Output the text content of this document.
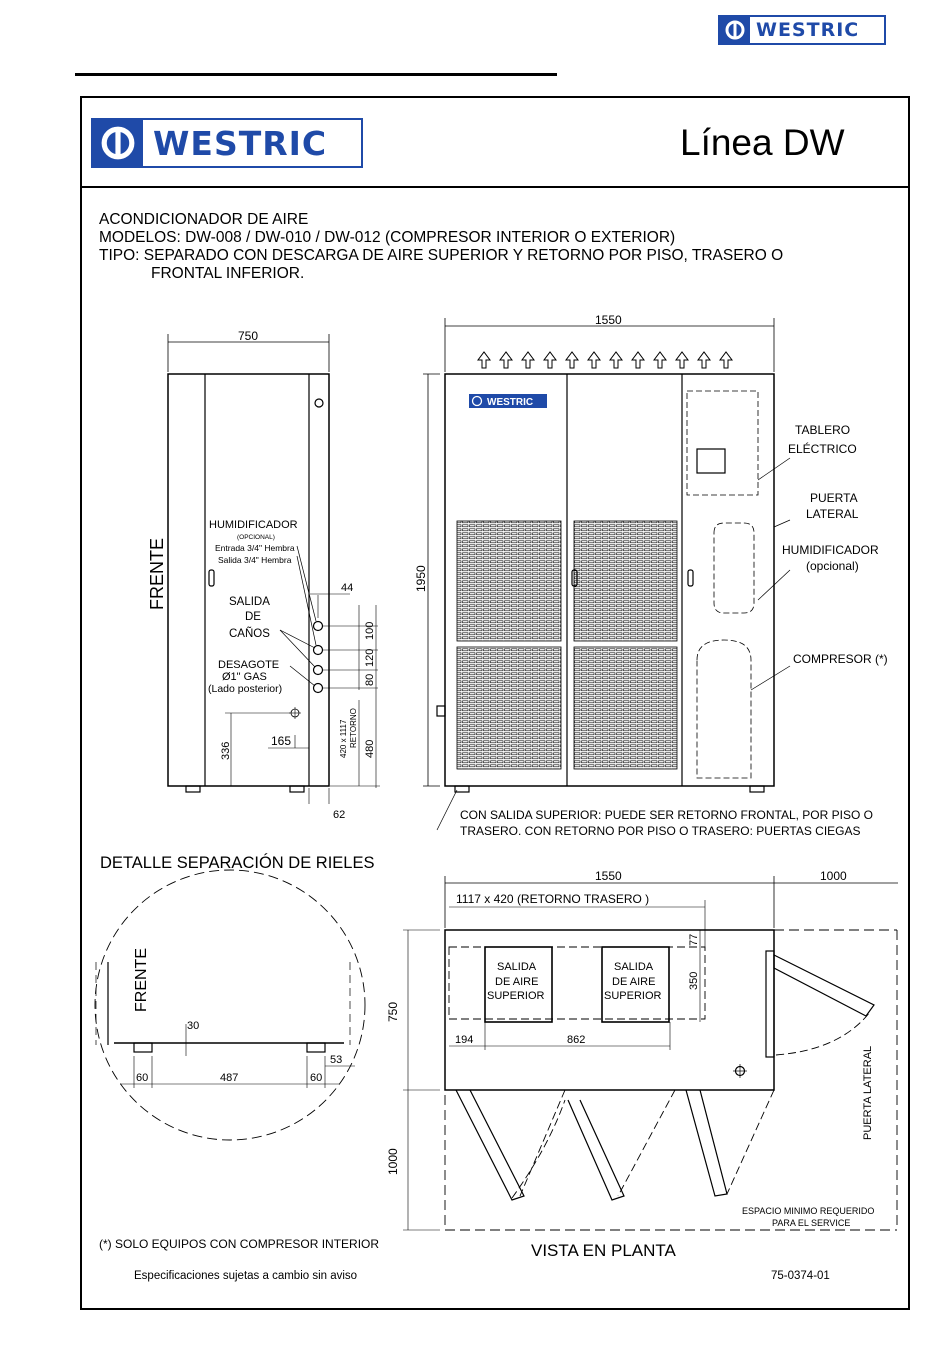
WESTRIC
WESTRIC	Línea DW
ACONDICIONADOR DE AIRE
MODELOS: DW-008 / DW-010 / DW-012 (COMPRESOR INTERIOR O EXTERIOR)
TIPO: SEPARADO CON DESCARGA DE AIRE SUPERIOR Y RETORNO POR PISO, TRASERO O
FRONTAL INFERIOR.
750
FRENTE
HUMIDIFICADOR
(OPCIONAL)
Entrada 3/4" Hembra
Salida 3/4" Hembra
SALIDA
DE
CAÑOS
DESAGOTE
Ø1" GAS
(Lado posterior)
44
100
120
80
336
165	420 x 1117 RETORNO
480
62
WESTRIC
1550
1950
TABLERO
ELÉCTRICO
PUERTA
LATERAL
HUMIDIFICADOR
(opcional)
COMPRESOR (*)
CON SALIDA SUPERIOR: PUEDE SER RETORNO FRONTAL, POR PISO O
TRASERO. CON RETORNO POR PISO O TRASERO: PUERTAS CIEGAS
DETALLE SEPARACIÓN DE RIELES
FRENTE
30
53
60	487	60
1550	1000
1117 x 420 (RETORNO TRASERO )
77
350
750
194	862
1000
SALIDA
DE AIRE
SUPERIOR
SALIDA
DE AIRE
SUPERIOR
PUERTA LATERAL
ESPACIO MINIMO REQUERIDO
PARA EL SERVICE
VISTA EN PLANTA
(*) SOLO EQUIPOS CON COMPRESOR INTERIOR
Especificaciones sujetas a cambio sin aviso	75-0374-01
